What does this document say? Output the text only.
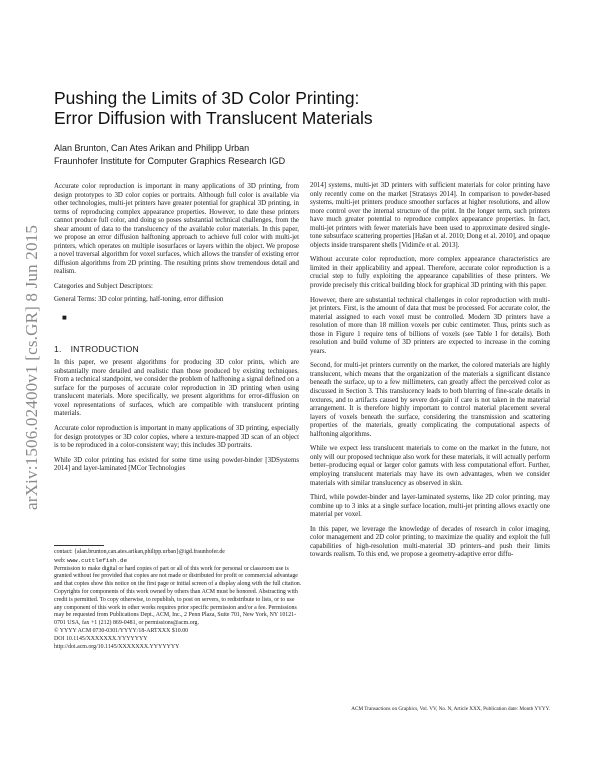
arXiv:1506.02400v1 [cs.GR] 8 Jun 2015
Pushing the Limits of 3D Color Printing:
Error Diffusion with Translucent Materials
Alan Brunton, Can Ates Arikan and Philipp Urban
Fraunhofer Institute for Computer Graphics Research IGD

Accurate color reproduction is important in many applications of 3D printing, from design prototypes to 3D color copies or portraits. Although full color is available via other technologies, multi-jet printers have greater potential for graphical 3D printing, in terms of reproducing complex appearance properties. However, to date these printers cannot produce full color, and doing so poses substantial technical challenges, from the shear amount of data to the translucency of the available color materials. In this paper, we propose an error diffusion halftoning approach to achieve full color with multi-jet printers, which operates on multiple isosurfaces or layers within the object. We propose a novel traversal algorithm for voxel surfaces, which allows the transfer of existing error diffusion algorithms from 2D printing. The resulting prints show tremendous detail and realism.

Categories and Subject Descriptors:

General Terms: 3D color printing, half-toning, error diffusion

■
1. INTRODUCTION

In this paper, we present algorithms for producing 3D color prints, which are substantially more detailed and realistic than those produced by existing techniques. From a technical standpoint, we consider the problem of halftoning a signal defined on a surface for the purposes of accurate color reproduction in 3D printing when using translucent materials. More specifically, we present algorithms for error-diffusion on voxel representations of surfaces, which are compatible with translucent printing materials.

Accurate color reproduction is important in many applications of 3D printing, especially for design prototypes or 3D color copies, where a texture-mapped 3D scan of an object is to be reproduced in a color-consistent way; this includes 3D portraits.

While 3D color printing has existed for some time using powder-binder [3DSystems 2014] and layer-laminated [MCor Technologies

contact: {alan.brunton,can.ates.arikan,philipp.urban}@igd.fraunhofer.de
web: www.cuttlefish.de
Permission to make digital or hard copies of part or all of this work for personal or classroom use is granted without fee provided that copies are not made or distributed for profit or commercial advantage and that copies show this notice on the first page or initial screen of a display along with the full citation. Copyrights for components of this work owned by others than ACM must be honored. Abstracting with credit is permitted. To copy otherwise, to republish, to post on servers, to redistribute to lists, or to use any component of this work in other works requires prior specific permission and/or a fee. Permissions may be requested from Publications Dept., ACM, Inc., 2 Penn Plaza, Suite 701, New York, NY 10121-0701 USA, fax +1 (212) 869-0481, or permissions@acm.org.
© YYYY ACM 0730-0301/YYYY/18-ARTXXX $10.00
DOI 10.1145/XXXXXXX.YYYYYYY
http://doi.acm.org/10.1145/XXXXXXX.YYYYYYY

2014] systems, multi-jet 3D printers with sufficient materials for color printing have only recently come on the market [Stratasys 2014]. In comparison to powder-based systems, multi-jet printers produce smoother surfaces at higher resolutions, and allow more control over the internal structure of the print. In the longer term, such printers have much greater potential to reproduce complex appearance properties. In fact, multi-jet printers with fewer materials have been used to approximate desired single-tone subsurface scattering properties [Hašan et al. 2010; Dong et al. 2010], and opaque objects inside transparent shells [Vidimče et al. 2013].

Without accurate color reproduction, more complex appearance characteristics are limited in their applicability and appeal. Therefore, accurate color reproduction is a crucial step to fully exploiting the appearance capabilities of these printers. We provide precisely this critical building block for graphical 3D printing with this paper.

However, there are substantial technical challenges in color reproduction with multi-jet printers. First, is the amount of data that must be processed. For accurate color, the material assigned to each voxel must be controlled. Modern 3D printers have a resolution of more than 18 million voxels per cubic centimeter. Thus, prints such as those in Figure 1 require tens of billions of voxels (see Table I for details). Both resolution and build volume of 3D printers are expected to increase in the coming years.

Second, for multi-jet printers currently on the market, the colored materials are highly translucent, which means that the organization of the materials a significant distance beneath the surface, up to a few millimeters, can greatly affect the perceived color as discussed in Section 3. This translucency leads to both blurring of fine-scale details in textures, and to artifacts caused by severe dot-gain if care is not taken in the material arrangement. It is therefore highly important to control material placement several layers of voxels beneath the surface, considering the transmission and scattering properties of the materials, greatly complicating the computational aspects of halftoning algorithms.

While we expect less translucent materials to come on the market in the future, not only will our proposed technique also work for these materials, it will actually perform better–producing equal or larger color gamuts with less computational effort. Further, employing translucent materials may have its own advantages, when we consider materials with similar translucency as observed in skin.

Third, while powder-binder and layer-laminated systems, like 2D color printing, may combine up to 3 inks at a single surface location, multi-jet printing allows exactly one material per voxel.

In this paper, we leverage the knowledge of decades of research in color imaging, color management and 2D color printing, to maximize the quality and exploit the full capabilities of high-resolution multi-material 3D printers–and push their limits towards realism. To this end, we propose a geometry-adaptive error diffu-

ACM Transactions on Graphics, Vol. VV, No. N, Article XXX, Publication date: Month YYYY.
